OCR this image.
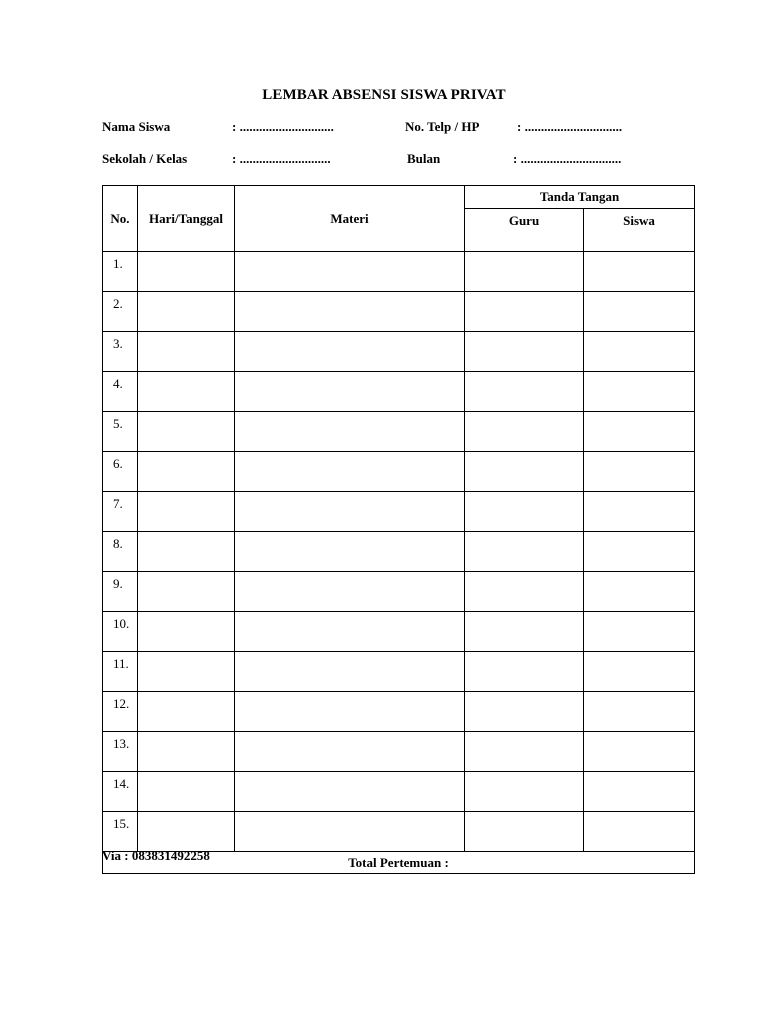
LEMBAR ABSENSI SISWA PRIVAT
Nama Siswa	: .............................	No. Telp / HP	: ..............................
Sekolah / Kelas	: ............................	Bulan	: ...............................
No.	Hari/Tanggal	Materi	Tanda Tangan	
			Guru	Siswa
1.				
2.				
3.				
4.				
5.				
6.				
7.				
8.				
9.				
10.				
11.				
12.				
13.				
14.				
15.				
Total Pertemuan :				
Via : 083831492258
